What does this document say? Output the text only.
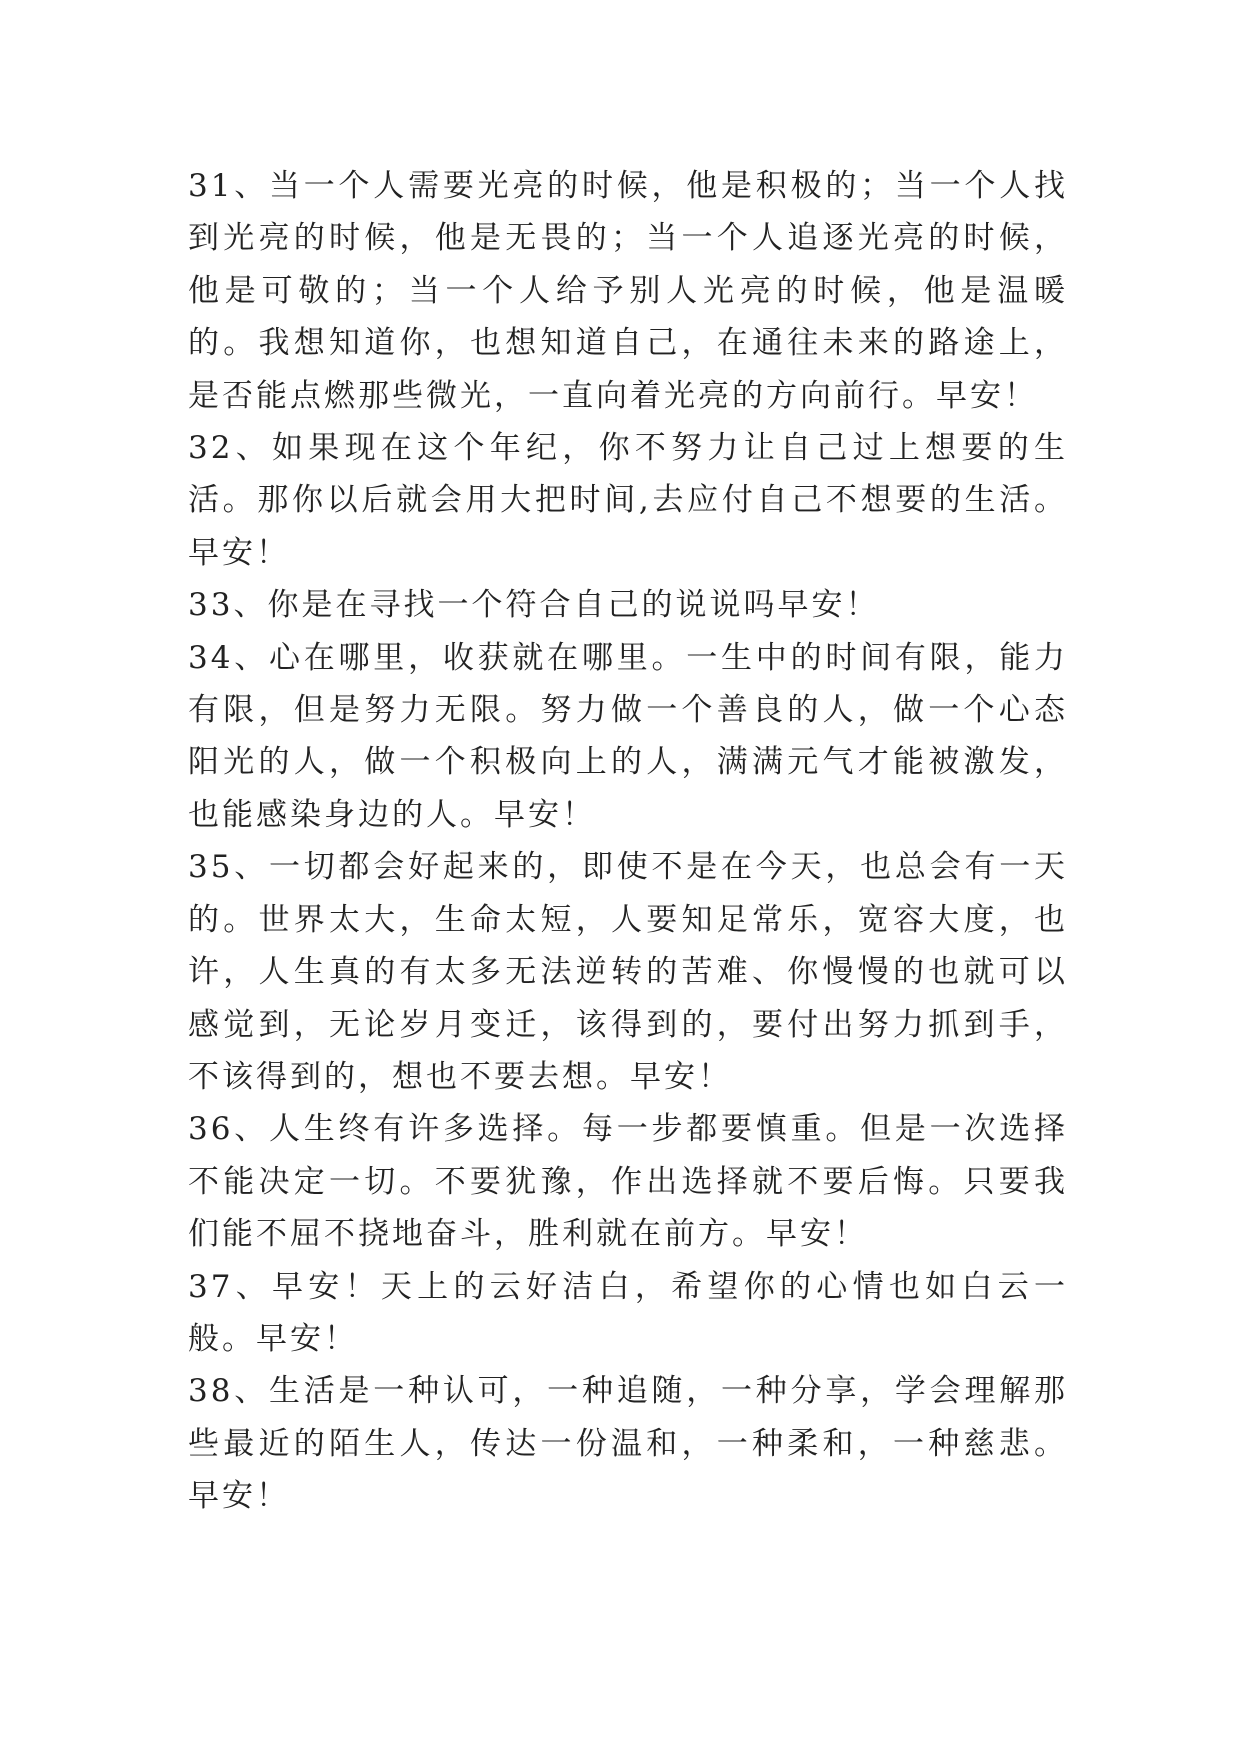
31、当一个人需要光亮的时候，他是积极的；当一个人找到光亮的时候，他是无畏的；当一个人追逐光亮的时候，他是可敬的；当一个人给予别人光亮的时候，他是温暖的。我想知道你，也想知道自己，在通往未来的路途上，是否能点燃那些微光，一直向着光亮的方向前行。早安！

32、如果现在这个年纪，你不努力让自己过上想要的生活。那你以后就会用大把时间,去应付自己不想要的生活。早安！

33、你是在寻找一个符合自己的说说吗早安！

34、心在哪里，收获就在哪里。一生中的时间有限，能力有限，但是努力无限。努力做一个善良的人，做一个心态阳光的人，做一个积极向上的人，满满元气才能被激发，也能感染身边的人。早安！

35、一切都会好起来的，即使不是在今天，也总会有一天的。世界太大，生命太短，人要知足常乐，宽容大度，也许，人生真的有太多无法逆转的苦难、你慢慢的也就可以感觉到，无论岁月变迁，该得到的，要付出努力抓到手，不该得到的，想也不要去想。早安！

36、人生终有许多选择。每一步都要慎重。但是一次选择不能决定一切。不要犹豫，作出选择就不要后悔。只要我们能不屈不挠地奋斗，胜利就在前方。早安！

37、早安！天上的云好洁白，希望你的心情也如白云一般。早安！

38、生活是一种认可，一种追随，一种分享，学会理解那些最近的陌生人，传达一份温和，一种柔和，一种慈悲。早安！
